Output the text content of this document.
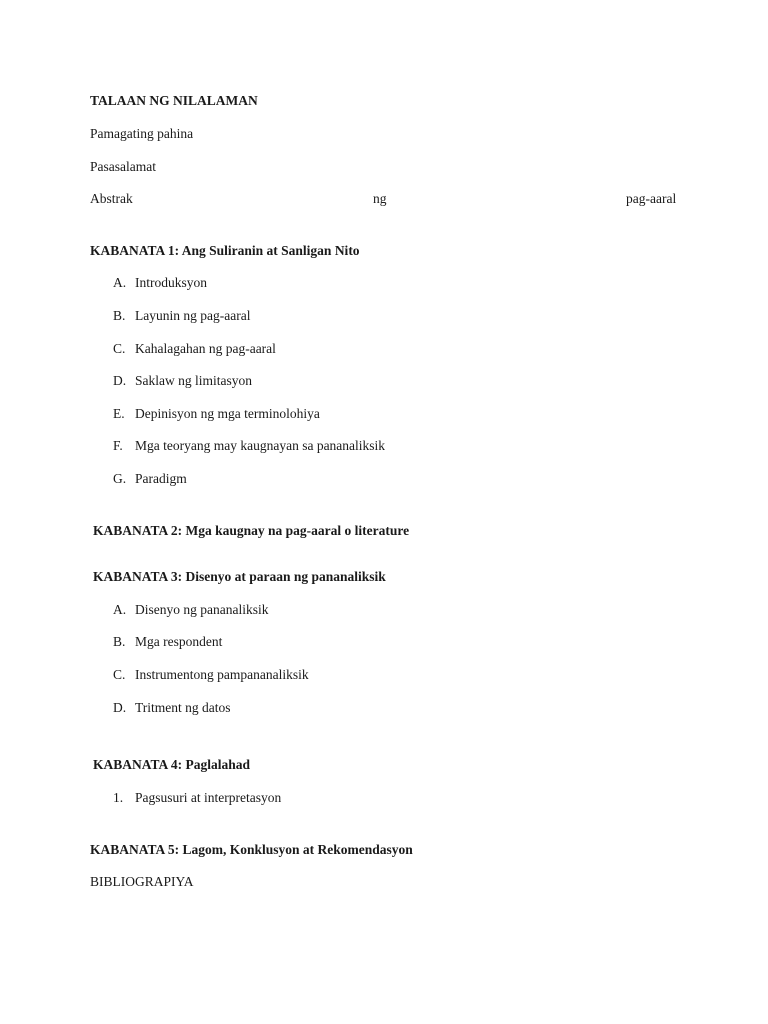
TALAAN NG NILALAMAN
Pamagating pahina
Pasasalamat
Abstrak	ng	pag-aaral
KABANATA 1: Ang Suliranin at Sanligan Nito
A. Introduksyon
B. Layunin ng pag-aaral
C. Kahalagahan ng pag-aaral
D. Saklaw ng limitasyon
E. Depinisyon ng mga terminolohiya
F. Mga teoryang may kaugnayan sa pananaliksik
G. Paradigm
KABANATA 2: Mga kaugnay na pag-aaral o literature
KABANATA 3: Disenyo at paraan ng pananaliksik
A. Disenyo ng pananaliksik
B. Mga respondent
C. Instrumentong pampananaliksik
D. Tritment ng datos
KABANATA 4: Paglalahad
1. Pagsusuri at interpretasyon
KABANATA 5: Lagom, Konklusyon at Rekomendasyon
BIBLIOGRAPIYA
